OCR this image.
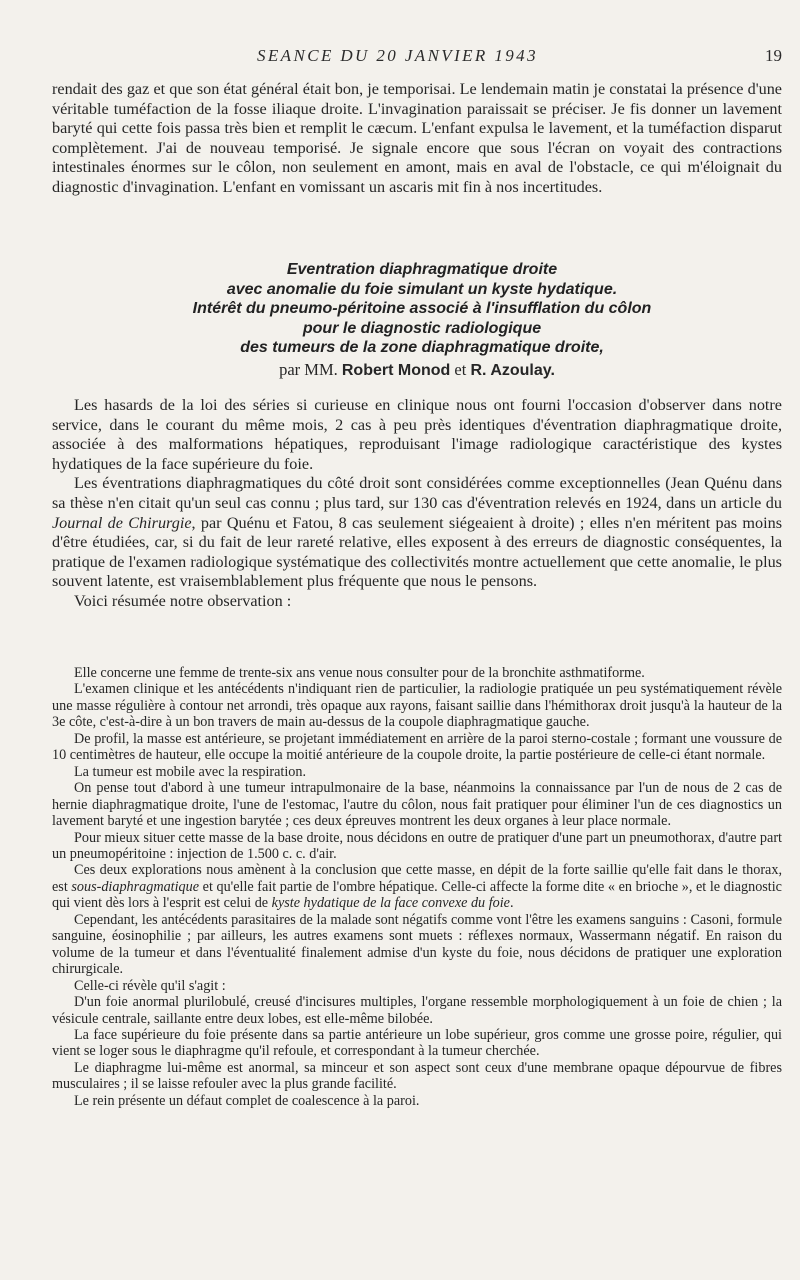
SEANCE DU 20 JANVIER 1943	19

rendait des gaz et que son état général était bon, je temporisai. Le lendemain matin je constatai la présence d'une véritable tuméfaction de la fosse iliaque droite. L'invagination paraissait se préciser. Je fis donner un lavement baryté qui cette fois passa très bien et remplit le cæcum. L'enfant expulsa le lavement, et la tuméfaction disparut complètement. J'ai de nouveau temporisé. Je signale encore que sous l'écran on voyait des contractions intestinales énormes sur le côlon, non seulement en amont, mais en aval de l'obstacle, ce qui m'éloignait du diagnostic d'invagination. L'enfant en vomissant un ascaris mit fin à nos incertitudes.

Eventration diaphragmatique droite
avec anomalie du foie simulant un kyste hydatique.
Intérêt du pneumo-péritoine associé à l'insufflation du côlon
pour le diagnostic radiologique
des tumeurs de la zone diaphragmatique droite,
par MM. Robert Monod et R. Azoulay.

Les hasards de la loi des séries si curieuse en clinique nous ont fourni l'occasion d'observer dans notre service, dans le courant du même mois, 2 cas à peu près identiques d'éventration diaphragmatique droite, associée à des malformations hépatiques, reproduisant l'image radiologique caractéristique des kystes hydatiques de la face supérieure du foie.

Les éventrations diaphragmatiques du côté droit sont considérées comme exceptionnelles (Jean Quénu dans sa thèse n'en citait qu'un seul cas connu ; plus tard, sur 130 cas d'éventration relevés en 1924, dans un article du Journal de Chirurgie, par Quénu et Fatou, 8 cas seulement siégeaient à droite) ; elles n'en méritent pas moins d'être étudiées, car, si du fait de leur rareté relative, elles exposent à des erreurs de diagnostic conséquentes, la pratique de l'examen radiologique systématique des collectivités montre actuellement que cette anomalie, le plus souvent latente, est vraisemblablement plus fréquente que nous le pensons.

Voici résumée notre observation :

Elle concerne une femme de trente-six ans venue nous consulter pour de la bronchite asthmatiforme.

L'examen clinique et les antécédents n'indiquant rien de particulier, la radiologie pratiquée un peu systématiquement révèle une masse régulière à contour net arrondi, très opaque aux rayons, faisant saillie dans l'hémithorax droit jusqu'à la hauteur de la 3e côte, c'est-à-dire à un bon travers de main au-dessus de la coupole diaphragmatique gauche.

De profil, la masse est antérieure, se projetant immédiatement en arrière de la paroi sterno-costale ; formant une voussure de 10 centimètres de hauteur, elle occupe la moitié antérieure de la coupole droite, la partie postérieure de celle-ci étant normale.

La tumeur est mobile avec la respiration.

On pense tout d'abord à une tumeur intrapulmonaire de la base, néanmoins la connaissance par l'un de nous de 2 cas de hernie diaphragmatique droite, l'une de l'estomac, l'autre du côlon, nous fait pratiquer pour éliminer l'un de ces diagnostics un lavement baryté et une ingestion barytée ; ces deux épreuves montrent les deux organes à leur place normale.

Pour mieux situer cette masse de la base droite, nous décidons en outre de pratiquer d'une part un pneumothorax, d'autre part un pneumopéritoine : injection de 1.500 c. c. d'air.

Ces deux explorations nous amènent à la conclusion que cette masse, en dépit de la forte saillie qu'elle fait dans le thorax, est sous-diaphragmatique et qu'elle fait partie de l'ombre hépatique. Celle-ci affecte la forme dite « en brioche », et le diagnostic qui vient dès lors à l'esprit est celui de kyste hydatique de la face convexe du foie.

Cependant, les antécédents parasitaires de la malade sont négatifs comme vont l'être les examens sanguins : Casoni, formule sanguine, éosinophilie ; par ailleurs, les autres examens sont muets : réflexes normaux, Wassermann négatif. En raison du volume de la tumeur et dans l'éventualité finalement admise d'un kyste du foie, nous décidons de pratiquer une exploration chirurgicale.

Celle-ci révèle qu'il s'agit :

D'un foie anormal plurilobulé, creusé d'incisures multiples, l'organe ressemble morphologiquement à un foie de chien ; la vésicule centrale, saillante entre deux lobes, est elle-même bilobée.

La face supérieure du foie présente dans sa partie antérieure un lobe supérieur, gros comme une grosse poire, régulier, qui vient se loger sous le diaphragme qu'il refoule, et correspondant à la tumeur cherchée.

Le diaphragme lui-même est anormal, sa minceur et son aspect sont ceux d'une membrane opaque dépourvue de fibres musculaires ; il se laisse refouler avec la plus grande facilité.

Le rein présente un défaut complet de coalescence à la paroi.
